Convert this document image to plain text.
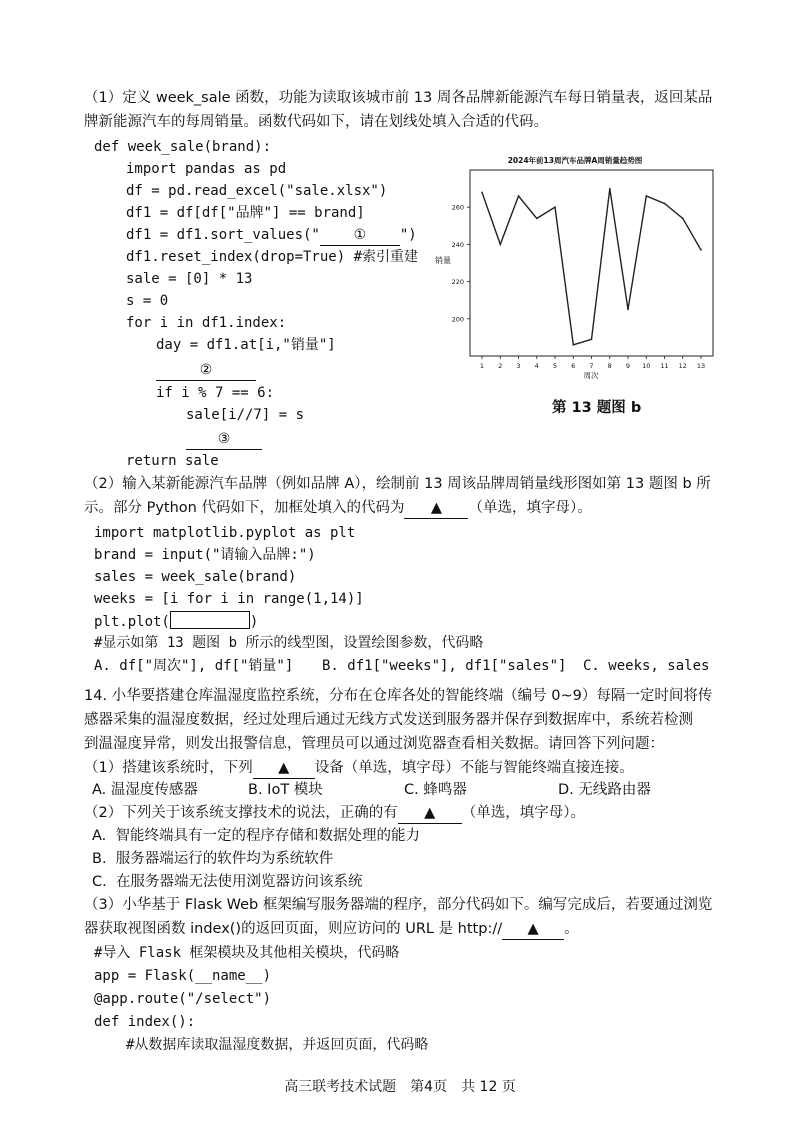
（1）定义 week_sale 函数，功能为读取该城市前 13 周各品牌新能源汽车每日销量表，返回某品
牌新能源汽车的每周销量。函数代码如下，请在划线处填入合适的代码。
def week_sale(brand):
import pandas as pd
df = pd.read_excel("sale.xlsx")
df1 = df[df["品牌"] == brand]
df1 = df1.sort_values(" ① ")
df1.reset_index(drop=True) #索引重建
sale = [0] * 13
s = 0
for i in df1.index:
day = df1.at[i,"销量"]
②
if i % 7 == 6:
sale[i//7] = s
③
return sale
2024年前13周汽车品牌A周销量趋势图
200
220
240
260
1 2 3 4 5 6 7 8 9 10 11 12 13
销量
周次
第 13 题图 b
（2）输入某新能源汽车品牌（例如品牌 A），绘制前 13 周该品牌周销量线形图如第 13 题图 b 所
示。部分 Python 代码如下，加框处填入的代码为 ▲ （单选，填字母）。
import matplotlib.pyplot as plt
brand = input("请输入品牌:")
sales = week_sale(brand)
weeks = [i for i in range(1,14)]
plt.plot(	)
#显示如第 13 题图 b 所示的线型图，设置绘图参数，代码略
A. df["周次"], df["销量"] B. df1["weeks"], df1["sales"] C. weeks, sales
14. 小华要搭建仓库温湿度监控系统，分布在仓库各处的智能终端（编号 0~9）每隔一定时间将传
感器采集的温湿度数据，经过处理后通过无线方式发送到服务器并保存到数据库中，系统若检测
到温湿度异常，则发出报警信息，管理员可以通过浏览器查看相关数据。请回答下列问题：
（1）搭建该系统时，下列 ▲ 设备（单选，填字母）不能与智能终端直接连接。
A. 温湿度传感器	B. IoT 模块	C. 蜂鸣器	D. 无线路由器
（2）下列关于该系统支撑技术的说法，正确的有 ▲ （单选，填字母）。
A.  智能终端具有一定的程序存储和数据处理的能力
B.  服务器端运行的软件均为系统软件
C.  在服务器端无法使用浏览器访问该系统
（3）小华基于 Flask Web 框架编写服务器端的程序，部分代码如下。编写完成后，若要通过浏览
器获取视图函数 index()的返回页面，则应访问的 URL 是 http:// ▲ 。
#导入 Flask 框架模块及其他相关模块，代码略
app = Flask(__name__)
@app.route("/select")
def index():
#从数据库读取温湿度数据，并返回页面，代码略
高三联考技术试题　第4页　共 12 页
